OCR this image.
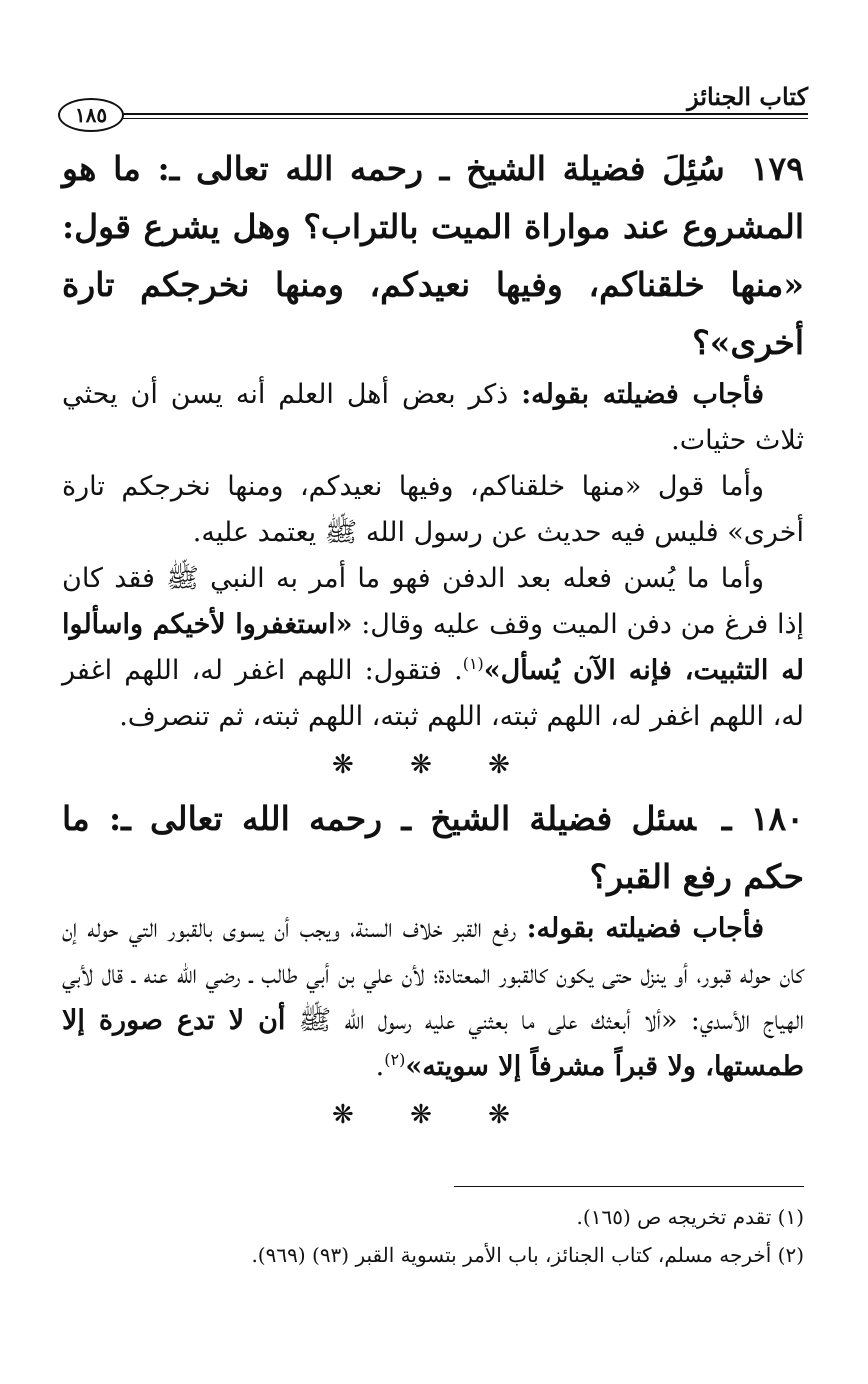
كتاب الجنائز
١٨٥

١٧٩سُئِلَ فضيلة الشيخ ـ رحمه الله تعالى ـ: ما هو المشروع عند مواراة الميت بالتراب؟ وهل يشرع قول: «منها خلقناكم، وفيها نعيدكم، ومنها نخرجكم تارة أخرى»؟

فأجاب فضيلته بقوله: ذكر بعض أهل العلم أنه يسن أن يحثي ثلاث حثيات.

وأما قول «منها خلقناكم، وفيها نعيدكم، ومنها نخرجكم تارة أخرى» فليس فيه حديث عن رسول الله ﷺ يعتمد عليه.

وأما ما يُسن فعله بعد الدفن فهو ما أمر به النبي ﷺ فقد كان إذا فرغ من دفن الميت وقف عليه وقال: «استغفروا لأخيكم واسألوا له التثبيت، فإنه الآن يُسأل»$^{(١)}$. فتقول: اللهم اغفر له، اللهم اغفر له، اللهم اغفر له، اللهم ثبته، اللهم ثبته، اللهم ثبته، ثم تنصرف.

❋ ❋ ❋

١٨٠ ـسئل فضيلة الشيخ ـ رحمه الله تعالى ـ: ما حكم رفع القبر؟

فأجاب فضيلته بقوله: رفع القبر خلاف السنة، ويجب أن يسوى بالقبور التي حوله إن كان حوله قبور، أو ينزل حتى يكون كالقبور المعتادة؛ لأن علي بن أبي طالب ـ رضي الله عنه ـ قال لأبي الهياج الأسدي: «ألا أبعثك على ما بعثني عليه رسول الله ﷺ أن لا تدع صورة إلا طمستها، ولا قبراً مشرفاً إلا سويته»$^{(٢)}$.

❋ ❋ ❋

(١) تقدم تخريجه ص (١٦٥).

(٢) أخرجه مسلم، كتاب الجنائز، باب الأمر بتسوية القبر (٩٣) (٩٦٩).
